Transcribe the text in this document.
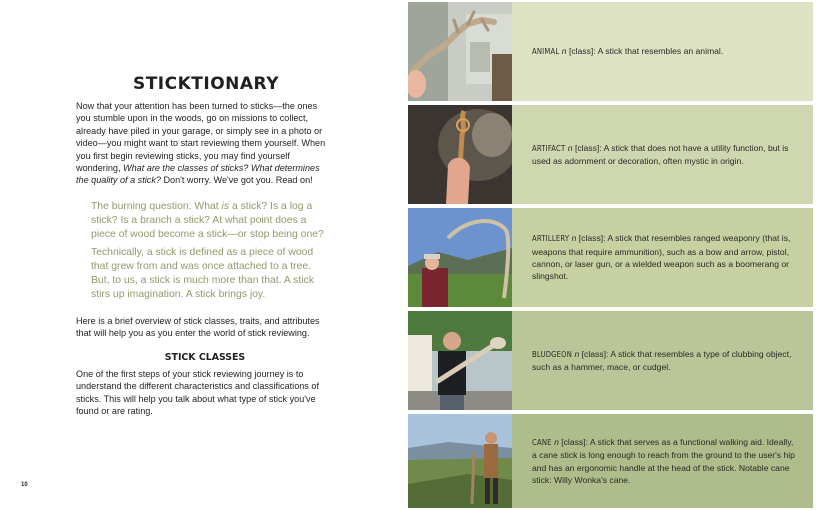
STICKTIONARY

Now that your attention has been turned to sticks—the ones you stumble upon in the woods, go on missions to collect, already have piled in your garage, or simply see in a photo or video—you might want to start reviewing them yourself. When you first begin reviewing sticks, you may find yourself wondering, What are the classes of sticks? What determines the quality of a stick? Don't worry. We've got you. Read on!

The burning question: What is a stick? Is a log a stick? Is a branch a stick? At what point does a piece of wood become a stick—or stop being one?

Technically, a stick is defined as a piece of wood that grew from and was once attached to a tree. But, to us, a stick is much more than that. A stick stirs up imagination. A stick brings joy.

Here is a brief overview of stick classes, traits, and attributes that will help you as you enter the world of stick reviewing.

STICK CLASSES

One of the first steps of your stick reviewing journey is to understand the different characteristics and classifications of sticks. This will help you talk about what type of stick you've found or are rating.

10

ANIMAL n [class]: A stick that resembles an animal.

ARTIFACT n [class]: A stick that does not have a utility function, but is used as adornment or decoration, often mystic in origin.

ARTILLERY n [class]: A stick that resembles ranged weaponry (that is, weapons that require ammunition), such as a bow and arrow, pistol, cannon, or laser gun, or a wielded weapon such as a boomerang or slingshot.

BLUDGEON n [class]: A stick that resembles a type of clubbing object, such as a hammer, mace, or cudgel.

CANE n [class]: A stick that serves as a functional walking aid. Ideally, a cane stick is long enough to reach from the ground to the user's hip and has an ergonomic handle at the head of the stick. Notable cane stick: Willy Wonka's cane.
